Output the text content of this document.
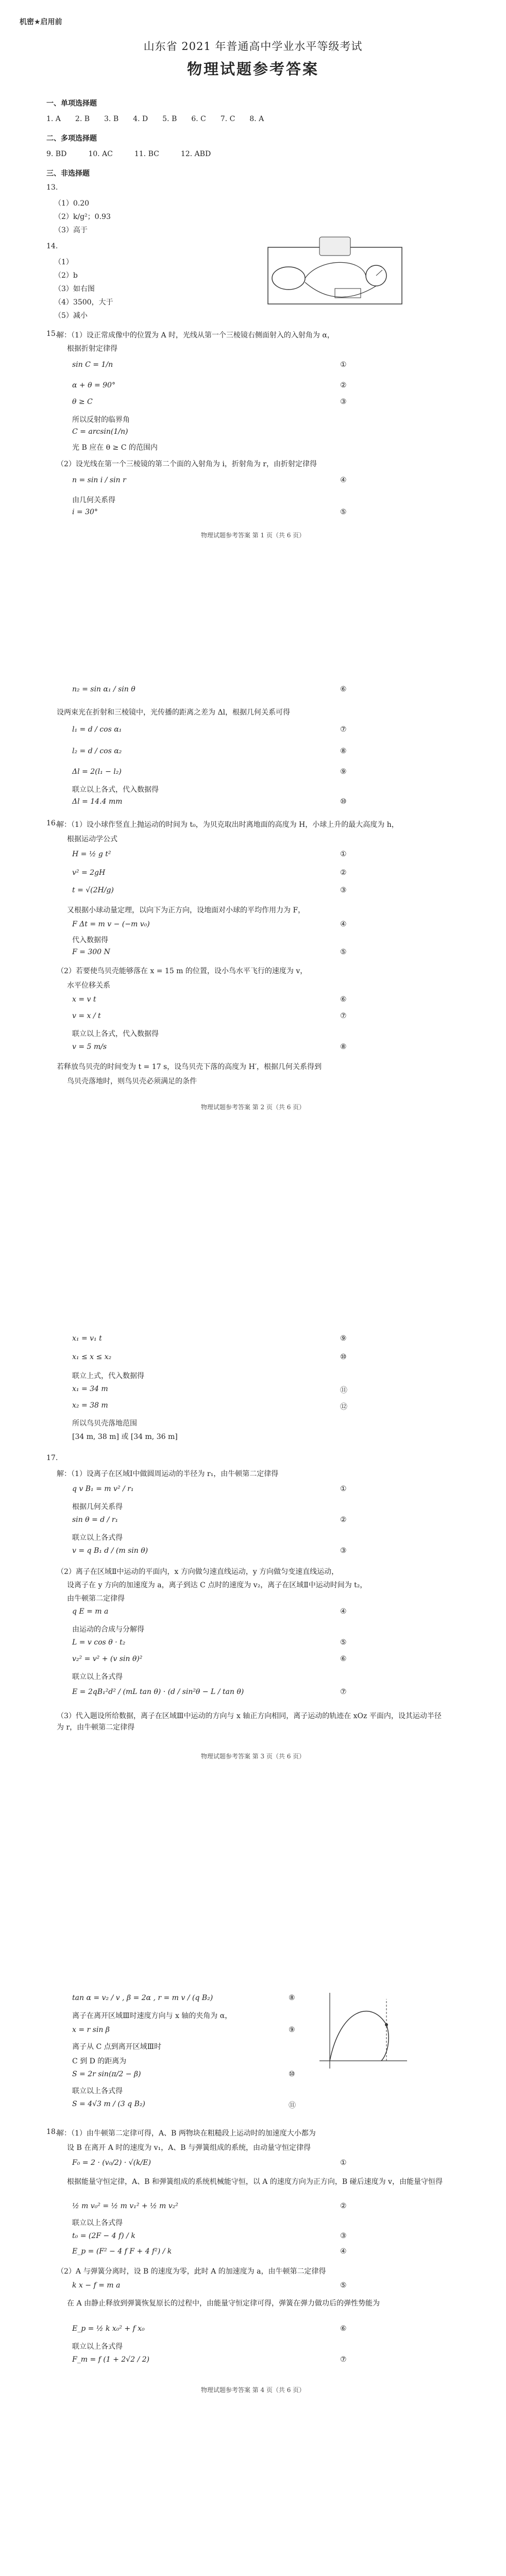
机密★启用前
山东省 2021 年普通高中学业水平等级考试
物理试题参考答案
一、单项选择题
1. A　　2. B　　3. B　　4. D　　5. B　　6. C　　7. C　　8. A
二、多项选择题
9. BD　　　10. AC　　　11. BC　　　12. ABD
三、非选择题
13.
（1）0.20
（2）k/g²；0.93
（3）高于
14.
（1）
（2）b
（3）如右图
（4）3500，大于
（5）减小
15.
解：（1）设正常成像中的位置为 A 时，光线从第一个三棱镜右侧面射入的入射角为 α，
根据折射定律得
sin C = 1/n	①
α + θ = 90°	②
θ ≥ C	③
所以反射的临界角
C = arcsin(1/n)
光 B 应在 θ ≥ C 的范围内
（2）设光线在第一个三棱镜的第二个面的入射角为 i，折射角为 r，由折射定律得
n = sin i / sin r	④
由几何关系得
i = 30°	⑤
物理试题参考答案 第 1 页（共 6 页）
n₂ = sin α₁ / sin θ	⑥
设两束光在折射和三棱镜中，光传播的距离之差为 Δl，根据几何关系可得
l₁ = d / cos α₁	⑦
l₂ = d / cos α₂	⑧
Δl = 2(l₁ − l₂)	⑨
联立以上各式，代入数据得
Δl = 14.4 mm	⑩
16.
解：（1）设小球作竖直上抛运动的时间为 t₀，为贝克取出时离地面的高度为 H，小球上升的最大高度为 h，
根据运动学公式
H = ½ g t²	①
v² = 2gH	②
t = √(2H/g)	③
又根据小球动量定理，以向下为正方向，设地面对小球的平均作用力为 F，
F Δt = m v − (−m v₀)	④
代入数据得
F = 300 N	⑤
（2）若要使鸟贝壳能够落在 x = 15 m 的位置，设小鸟水平飞行的速度为 v，
水平位移关系
x = v t	⑥
v = x / t	⑦
联立以上各式，代入数据得
v = 5 m/s	⑧
若释放鸟贝壳的时间变为 t = 17 s，设鸟贝壳下落的高度为 H′，根据几何关系得到
鸟贝壳落地时，则鸟贝壳必须满足的条件
物理试题参考答案 第 2 页（共 6 页）
x₁ = v₁ t	⑨
x₁ ≤ x ≤ x₂	⑩
联立上式，代入数据得
x₁ = 34 m	⑪
x₂ = 38 m	⑫
所以鸟贝壳落地范围
[34 m, 38 m] 或 [34 m, 36 m]
17.
解：（1）设离子在区域Ⅰ中做圆周运动的半径为 r₁，由牛顿第二定律得
q v B₁ = m v² / r₁	①
根据几何关系得
sin θ = d / r₁	②
联立以上各式得
v = q B₁ d / (m sin θ)	③
（2）离子在区域Ⅱ中运动的平面内，x 方向做匀速直线运动，y 方向做匀变速直线运动，
设离子在 y 方向的加速度为 a，离子到达 C 点时的速度为 v₂，离子在区域Ⅱ中运动时间为 t₂，
由牛顿第二定律得
q E = m a	④
由运动的合成与分解得
L = v cos θ · t₂	⑤
v₂² = v² + (v sin θ)²	⑥
联立以上各式得
E = 2qB₁²d² / (mL tan θ) · (d / sin²θ − L / tan θ)	⑦
（3）代入题设所给数据，离子在区域Ⅲ中运动的方向与 x 轴正方向相同，离子运动的轨迹在 xOz 平面内，设其运动半径为 r，由牛顿第二定律得
物理试题参考答案 第 3 页（共 6 页）
tan α = v₂ / v , β = 2α , r = m v / (q B₂)	⑧
离子在离开区域Ⅲ时速度方向与 x 轴的夹角为 α，
x = r sin β	⑨
离子从 C 点到离开区域Ⅲ时
C 到 D 的距离为
S = 2r sin(π/2 − β)	⑩
联立以上各式得
S = 4√3 m / (3 q B₂)	⑪
18.
解：（1）由牛顿第二定律可得，A、B 两物块在粗糙段上运动时的加速度大小都为
设 B 在离开 A 时的速度为 v₁，A、B 与弹簧组成的系统，由动量守恒定律得
F₀ = 2 · (v₀/2) · √(k/E)	①
根据能量守恒定律，A、B 和弹簧组成的系统机械能守恒，以 A 的速度方向为正方向，B 碰后速度为 v，由能量守恒得
½ m v₀² = ½ m v₁² + ½ m v₂²	②
联立以上各式得
t₀ = (2F − 4 f) / k	③
E_p = (F² − 4 f F + 4 f²) / k	④
（2）A 与弹簧分离时，设 B 的速度为零，此时 A 的加速度为 a，由牛顿第二定律得
k x − f = m a	⑤
在 A 由静止释放到弹簧恢复原长的过程中，由能量守恒定律可得，弹簧在弹力做功后的弹性势能为
E_p = ½ k x₀² + f x₀	⑥
联立以上各式得
F_m = f (1 + 2√2 / 2)	⑦
物理试题参考答案 第 4 页（共 6 页）
